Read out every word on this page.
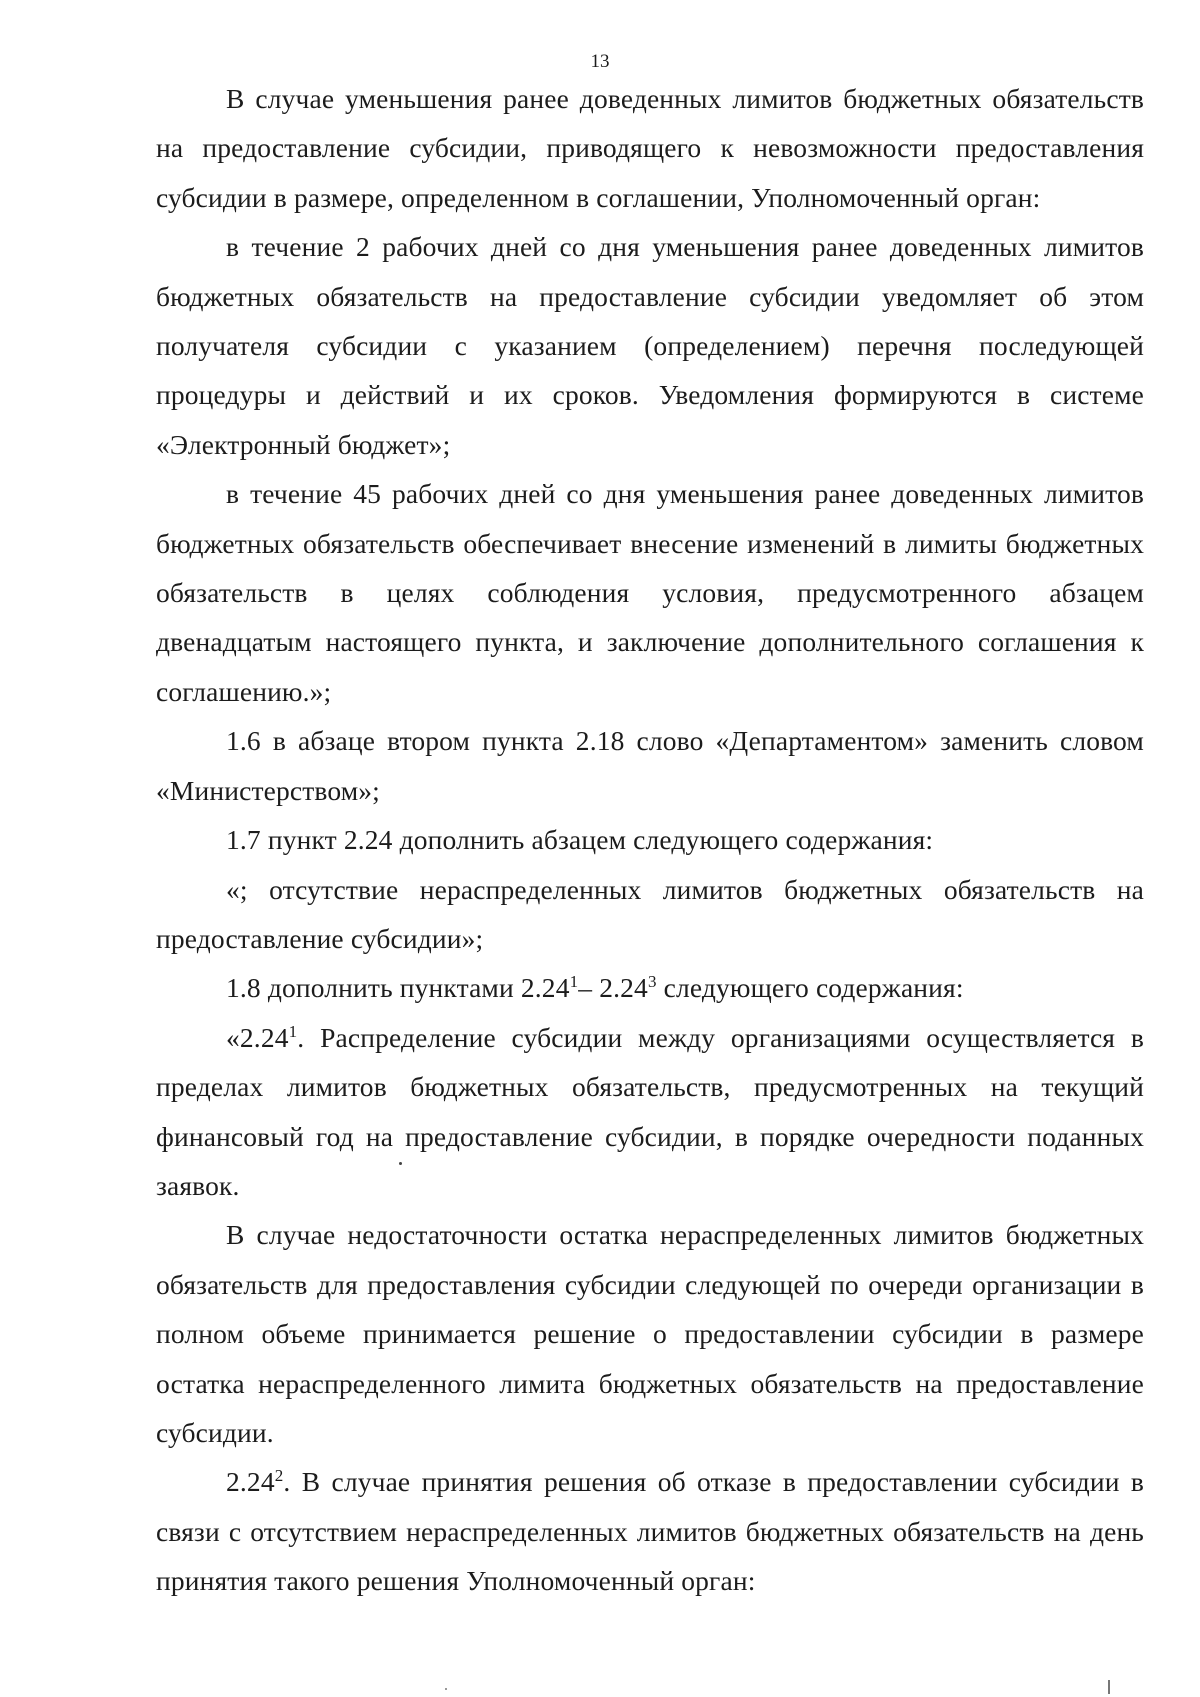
13

В случае уменьшения ранее доведенных лимитов бюджетных обязательств на предоставление субсидии, приводящего к невозможности предоставления субсидии в размере, определенном в соглашении, Уполномоченный орган:

в течение 2 рабочих дней со дня уменьшения ранее доведенных лимитов бюджетных обязательств на предоставление субсидии уведомляет об этом получателя субсидии с указанием (определением) перечня последующей процедуры и действий и их сроков. Уведомления формируются в системе «Электронный бюджет»;

в течение 45 рабочих дней со дня уменьшения ранее доведенных лимитов бюджетных обязательств обеспечивает внесение изменений в лимиты бюджетных обязательств в целях соблюдения условия, предусмотренного абзацем двенадцатым настоящего пункта, и заключение дополнительного соглашения к соглашению.»;

1.6 в абзаце втором пункта 2.18 слово «Департаментом» заменить словом «Министерством»;

1.7 пункт 2.24 дополнить абзацем следующего содержания:

«; отсутствие нераспределенных лимитов бюджетных обязательств на предоставление субсидии»;

1.8 дополнить пунктами 2.24$^1$– 2.24$^3$ следующего содержания:

«2.24$^1$. Распределение субсидии между организациями осуществляется в пределах лимитов бюджетных обязательств, предусмотренных на текущий финансовый год на предоставление субсидии, в порядке очередности поданных заявок.

В случае недостаточности остатка нераспределенных лимитов бюджетных обязательств для предоставления субсидии следующей по очереди организации в полном объеме принимается решение о предоставлении субсидии в размере остатка нераспределенного лимита бюджетных обязательств на предоставление субсидии.

2.24$^2$. В случае принятия решения об отказе в предоставлении субсидии в связи с отсутствием нераспределенных лимитов бюджетных обязательств на день принятия такого решения Уполномоченный орган:
